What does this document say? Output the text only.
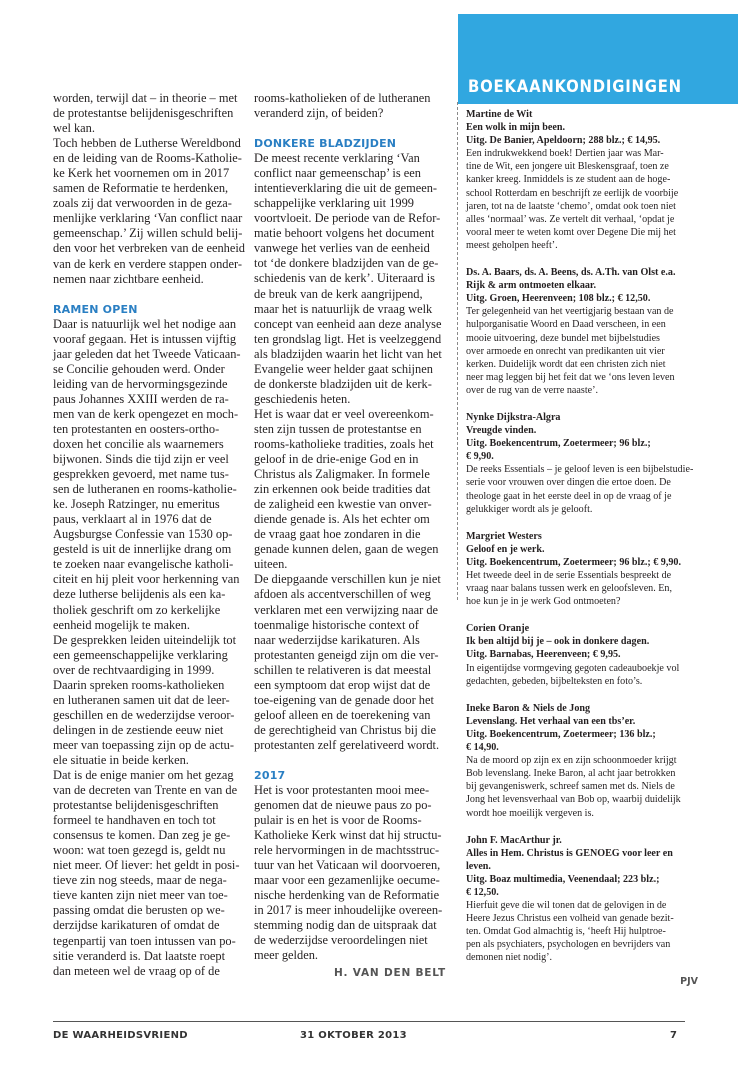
worden, terwijl dat – in theorie – met
de protestantse belijdenisgeschriften
wel kan.

Toch hebben de Lutherse Wereldbond
en de leiding van de Rooms-Katholie-
ke Kerk het voornemen om in 2017
samen de Reformatie te herdenken,
zoals zij dat verwoorden in de geza-
menlijke verklaring ‘Van conflict naar
gemeenschap.’ Zij willen schuld belij-
den voor het verbreken van de eenheid
van de kerk en verdere stappen onder-
nemen naar zichtbare eenheid.

RAMEN OPEN

Daar is natuurlijk wel het nodige aan
vooraf gegaan. Het is intussen vijftig
jaar geleden dat het Tweede Vaticaan-
se Concilie gehouden werd. Onder
leiding van de hervormingsgezinde
paus Johannes XXIII werden de ra-
men van de kerk opengezet en moch-
ten protestanten en oosters-ortho-
doxen het concilie als waarnemers
bijwonen. Sinds die tijd zijn er veel
gesprekken gevoerd, met name tus-
sen de lutheranen en rooms-katholie-
ke. Joseph Ratzinger, nu emeritus
paus, verklaart al in 1976 dat de
Augsburgse Confessie van 1530 op-
gesteld is uit de innerlijke drang om
te zoeken naar evangelische katholi-
citeit en hij pleit voor herkenning van
deze lutherse belijdenis als een ka-
tholiek geschrift om zo kerkelijke
eenheid mogelijk te maken.

De gesprekken leiden uiteindelijk tot
een gemeenschappelijke verklaring
over de rechtvaardiging in 1999.
Daarin spreken rooms-katholieken
en lutheranen samen uit dat de leer-
geschillen en de wederzijdse veroor-
delingen in de zestiende eeuw niet
meer van toepassing zijn op de actu-
ele situatie in beide kerken.

Dat is de enige manier om het gezag
van de decreten van Trente en van de
protestantse belijdenisgeschriften
formeel te handhaven en toch tot
consensus te komen. Dan zeg je ge-
woon: wat toen gezegd is, geldt nu
niet meer. Of liever: het geldt in posi-
tieve zin nog steeds, maar de nega-
tieve kanten zijn niet meer van toe-
passing omdat die berusten op we-
derzijdse karikaturen of omdat de
tegenpartij van toen intussen van po-
sitie veranderd is. Dat laatste roept
dan meteen wel de vraag op of de

rooms-katholieken of de lutheranen
veranderd zijn, of beiden?

DONKERE BLADZIJDEN

De meest recente verklaring ‘Van
conflict naar gemeenschap’ is een
intentieverklaring die uit de gemeen-
schappelijke verklaring uit 1999
voortvloeit. De periode van de Refor-
matie behoort volgens het document
vanwege het verlies van de eenheid
tot ‘de donkere bladzijden van de ge-
schiedenis van de kerk’. Uiteraard is
de breuk van de kerk aangrijpend,
maar het is natuurlijk de vraag welk
concept van eenheid aan deze analyse
ten grondslag ligt. Het is veelzeggend
als bladzijden waarin het licht van het
Evangelie weer helder gaat schijnen
de donkerste bladzijden uit de kerk-
geschiedenis heten.

Het is waar dat er veel overeenkom-
sten zijn tussen de protestantse en
rooms-katholieke tradities, zoals het
geloof in de drie-enige God en in
Christus als Zaligmaker. In formele
zin erkennen ook beide tradities dat
de zaligheid een kwestie van onver-
diende genade is. Als het echter om
de vraag gaat hoe zondaren in die
genade kunnen delen, gaan de wegen
uiteen.

De diepgaande verschillen kun je niet
afdoen als accentverschillen of weg
verklaren met een verwijzing naar de
toenmalige historische context of
naar wederzijdse karikaturen. Als
protestanten geneigd zijn om die ver-
schillen te relativeren is dat meestal
een symptoom dat erop wijst dat de
toe-eigening van de genade door het
geloof alleen en de toerekening van
de gerechtigheid van Christus bij die
protestanten zelf gerelativeerd wordt.

2017

Het is voor protestanten mooi mee-
genomen dat de nieuwe paus zo po-
pulair is en het is voor de Rooms-
Katholieke Kerk winst dat hij structu-
rele hervormingen in de machtsstruc-
tuur van het Vaticaan wil doorvoeren,
maar voor een gezamenlijke oecume-
nische herdenking van de Reformatie
in 2017 is meer inhoudelijke overeen-
stemming nodig dan de uitspraak dat
de wederzijdse veroordelingen niet
meer gelden.

H. VAN DEN BELT

BOEKAANKONDIGINGEN
Martine de Wit
Een wolk in mijn been.
Uitg. De Banier, Apeldoorn; 288 blz.; € 14,95.
Een indrukwekkend boek! Dertien jaar was Mar-
tine de Wit, een jongere uit Bleskensgraaf, toen ze
kanker kreeg. Inmiddels is ze student aan de hoge-
school Rotterdam en beschrijft ze eerlijk de voorbije
jaren, tot na de laatste ‘chemo’, omdat ook toen niet
alles ‘normaal’ was. Ze vertelt dit verhaal, ‘opdat je
vooral meer te weten komt over Degene Die mij het
meest geholpen heeft’.
Ds. A. Baars, ds. A. Beens, ds. A.Th. van Olst e.a.
Rijk & arm ontmoeten elkaar.
Uitg. Groen, Heerenveen; 108 blz.; € 12,50.
Ter gelegenheid van het veertigjarig bestaan van de
hulporganisatie Woord en Daad verscheen, in een
mooie uitvoering, deze bundel met bijbelstudies
over armoede en onrecht van predikanten uit vier
kerken. Duidelijk wordt dat een christen zich niet
neer mag leggen bij het feit dat we ‘ons leven leven
over de rug van de verre naaste’.
Nynke Dijkstra-Algra
Vreugde vinden.
Uitg. Boekencentrum, Zoetermeer; 96 blz.;
€ 9,90.
De reeks Essentials – je geloof leven is een bijbelstudie-
serie voor vrouwen over dingen die ertoe doen. De
theologe gaat in het eerste deel in op de vraag of je
gelukkiger wordt als je gelooft.
Margriet Westers
Geloof en je werk.
Uitg. Boekencentrum, Zoetermeer; 96 blz.; € 9,90.
Het tweede deel in de serie Essentials bespreekt de
vraag naar balans tussen werk en geloofsleven. En,
hoe kun je in je werk God ontmoeten?
Corien Oranje
Ik ben altijd bij je – ook in donkere dagen.
Uitg. Barnabas, Heerenveen; € 9,95.
In eigentijdse vormgeving gegoten cadeauboekje vol
gedachten, gebeden, bijbelteksten en foto’s.
Ineke Baron & Niels de Jong
Levenslang. Het verhaal van een tbs’er.
Uitg. Boekencentrum, Zoetermeer; 136 blz.;
€ 14,90.
Na de moord op zijn ex en zijn schoonmoeder krijgt
Bob levenslang. Ineke Baron, al acht jaar betrokken
bij gevangeniswerk, schreef samen met ds. Niels de
Jong het levensverhaal van Bob op, waarbij duidelijk
wordt hoe moeilijk vergeven is.
John F. MacArthur jr.
Alles in Hem. Christus is GENOEG voor leer en leven.
Uitg. Boaz multimedia, Veenendaal; 223 blz.;
€ 12,50.
Hierfuit geve die wil tonen dat de gelovigen in de
Heere Jezus Christus een volheid van genade bezit-
ten. Omdat God almachtig is, ‘heeft Hij hulptroe-
pen als psychiaters, psychologen en bevrijders van
demonen niet nodig’.
PJV
DE WAARHEIDSVRIEND	31 OKTOBER 2013	7
